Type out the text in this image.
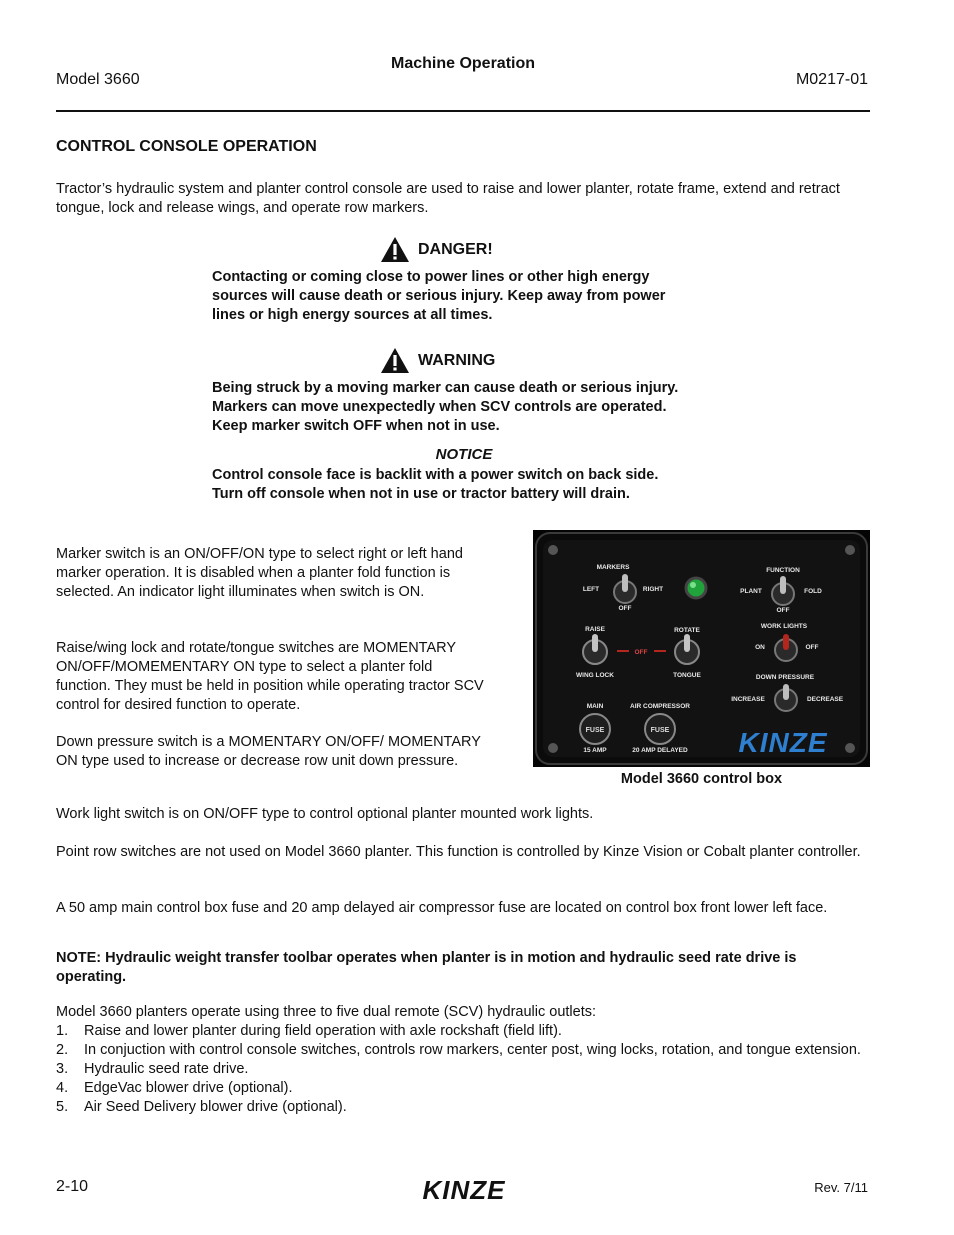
Model 3660
Machine Operation
M0217-01
CONTROL CONSOLE OPERATION
Tractor’s hydraulic system and planter control console are used to raise and lower planter, rotate frame, extend and retract tongue, lock and release wings, and operate row markers.
DANGER!
Contacting or coming close to power lines or other high energy
sources will cause death or serious injury. Keep away from power
lines or high energy sources at all times.
WARNING
Being struck by a moving marker can cause death or serious injury.
Markers can move unexpectedly when SCV controls are operated.
Keep marker switch OFF when not in use.
NOTICE
Control console face is backlit with a power switch on back side.
Turn off console when not in use or tractor battery will drain.
Marker switch is an ON/OFF/ON type to select right or left hand marker operation. It is disabled when a planter fold function is selected. An indicator light illuminates when switch is ON.
Raise/wing lock and rotate/tongue switches are MOMENTARY ON/OFF/MOMEMENTARY ON type to select a planter fold function. They must be held in position while operating tractor SCV control for desired function to operate.
Down pressure switch is a MOMENTARY ON/OFF/ MOMENTARY ON type used to increase or decrease row unit down pressure.
MARKERS
LEFT	RIGHT
OFF
FUNCTION
PLANT	FOLD
OFF
RAISE
WING LOCK
ROTATE
TONGUE
OFF
WORK LIGHTS
ON	OFF
DOWN PRESSURE
INCREASE	DECREASE
MAIN
15 AMP
AIR COMPRESSOR
20 AMP DELAYED
FUSE	FUSE KINZE
Model 3660 control box
Work light switch is on ON/OFF type to control optional planter mounted work lights.
Point row switches are not used on Model 3660 planter. This function is controlled by Kinze Vision or Cobalt planter controller.
A 50 amp main control box fuse and 20 amp delayed air compressor fuse are located on control box front lower left face.
NOTE: Hydraulic weight transfer toolbar operates when planter is in motion and hydraulic seed rate drive is operating.
Model 3660 planters operate using three to five dual remote (SCV) hydraulic outlets:
1.	Raise and lower planter during field operation with axle rockshaft (field lift).
2.	In conjuction with control console switches, controls row markers, center post, wing locks, rotation, and tongue extension.
3.	Hydraulic seed rate drive.
4.	EdgeVac blower drive (optional).
5.	Air Seed Delivery blower drive (optional).
2-10	KINZE	Rev. 7/11
